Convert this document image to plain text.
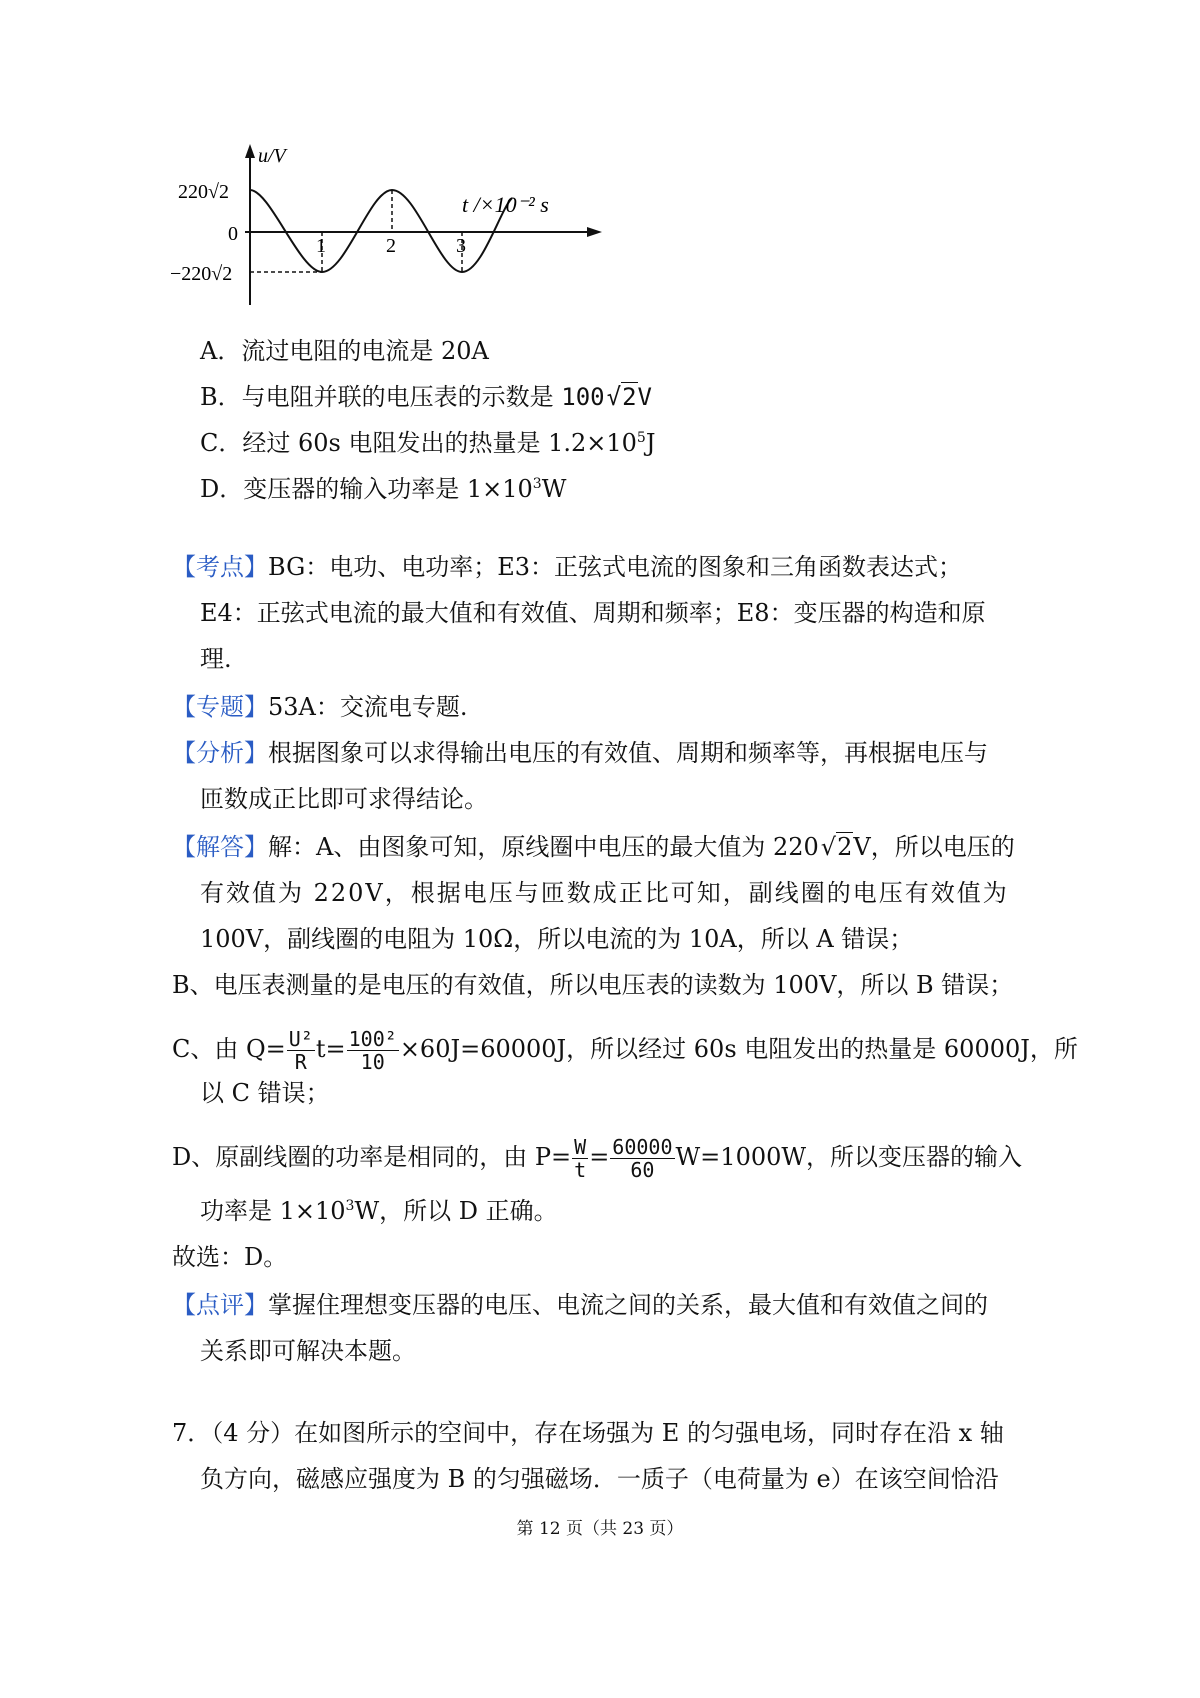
u/V
t /×10⁻² s
220√2
0
−220√2
1	2	3
A．流过电阻的电流是 20A
B．与电阻并联的电压表的示数是 100√2V
C．经过 60s 电阻发出的热量是 $1.2\times 10^5J$
D．变压器的输入功率是 $1\times 10^3W$
【考点】BG：电功、电功率；E3：正弦式电流的图象和三角函数表达式；
E4：正弦式电流的最大值和有效值、周期和频率；E8：变压器的构造和原
理.
【专题】53A：交流电专题.
【分析】根据图象可以求得输出电压的有效值、周期和频率等，再根据电压与
匝数成正比即可求得结论。
【解答】解：A、由图象可知，原线圈中电压的最大值为 220√2V，所以电压的
有效值为 220V，根据电压与匝数成正比可知，副线圈的电压有效值为
100V，副线圈的电阻为 10Ω，所以电流的为 10A，所以 A 错误；
B、电压表测量的是电压的有效值，所以电压表的读数为 100V，所以 B 错误；
C、由 $Q= \frac{\text{U²}}{R} t= \frac{\text{100²}}{10} \times 60J=60000J$，所以经过 60s 电阻发出的热量是 60000J，所
以 C 错误；
D、原副线圈的功率是相同的，由 $P= \frac{W}{t} = \frac{60000}{60} W=1000W$，所以变压器的输入
功率是 $1\times 10^3W$，所以 D 正确。
故选：D。
【点评】掌握住理想变压器的电压、电流之间的关系，最大值和有效值之间的
关系即可解决本题。
7．（4 分）在如图所示的空间中，存在场强为 E 的匀强电场，同时存在沿 x 轴
负方向，磁感应强度为 B 的匀强磁场．一质子（电荷量为 e）在该空间恰沿
第 12 页（共 23 页）
